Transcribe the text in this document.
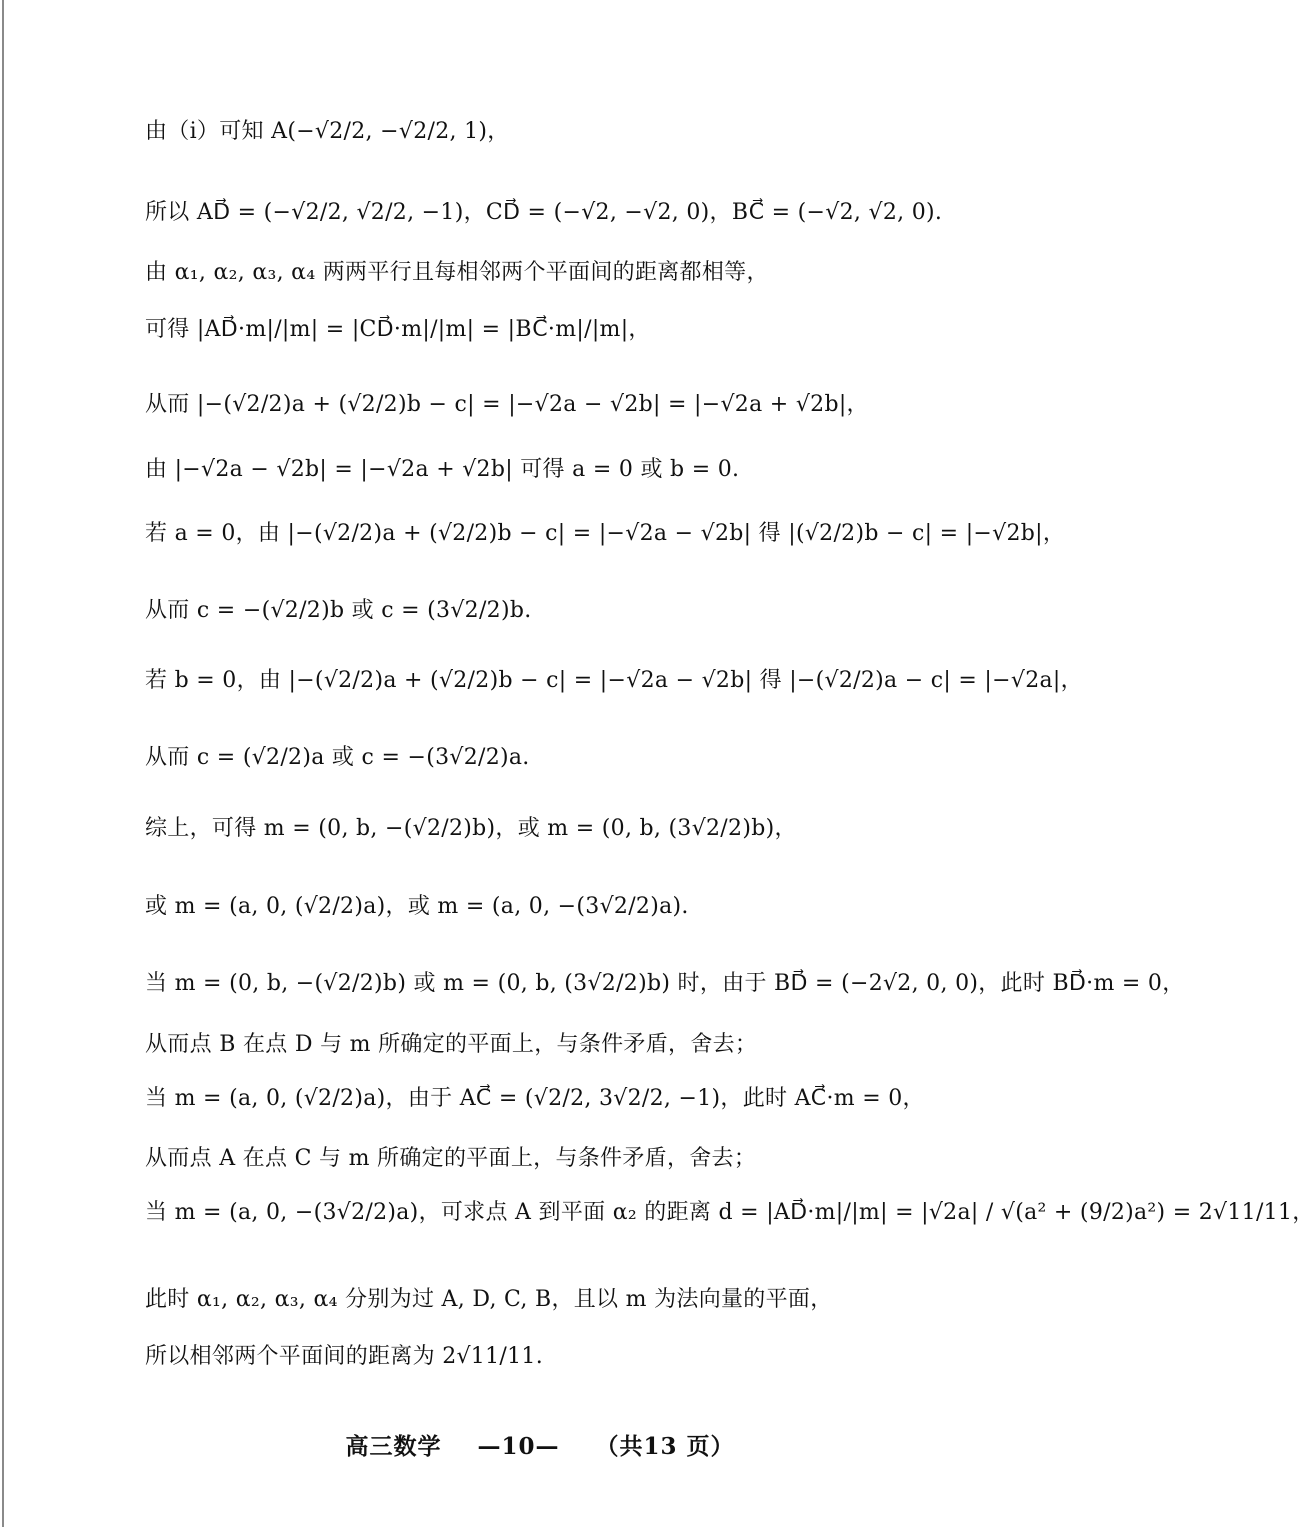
由（i）可知 A(−√2/2, −√2/2, 1)，
所以 AD⃗ = (−√2/2, √2/2, −1)，CD⃗ = (−√2, −√2, 0)，BC⃗ = (−√2, √2, 0).
由 α₁, α₂, α₃, α₄ 两两平行且每相邻两个平面间的距离都相等，
可得 |AD⃗·m|/|m| = |CD⃗·m|/|m| = |BC⃗·m|/|m|，
从而 |−(√2/2)a + (√2/2)b − c| = |−√2a − √2b| = |−√2a + √2b|，
由 |−√2a − √2b| = |−√2a + √2b| 可得 a = 0 或 b = 0.
若 a = 0，由 |−(√2/2)a + (√2/2)b − c| = |−√2a − √2b| 得 |(√2/2)b − c| = |−√2b|，
从而 c = −(√2/2)b 或 c = (3√2/2)b.
若 b = 0，由 |−(√2/2)a + (√2/2)b − c| = |−√2a − √2b| 得 |−(√2/2)a − c| = |−√2a|，
从而 c = (√2/2)a 或 c = −(3√2/2)a.
综上，可得 m = (0, b, −(√2/2)b)，或 m = (0, b, (3√2/2)b)，
或 m = (a, 0, (√2/2)a)，或 m = (a, 0, −(3√2/2)a).
当 m = (0, b, −(√2/2)b) 或 m = (0, b, (3√2/2)b) 时，由于 BD⃗ = (−2√2, 0, 0)，此时 BD⃗·m = 0，
从而点 B 在点 D 与 m 所确定的平面上，与条件矛盾，舍去；
当 m = (a, 0, (√2/2)a)，由于 AC⃗ = (√2/2, 3√2/2, −1)，此时 AC⃗·m = 0，
从而点 A 在点 C 与 m 所确定的平面上，与条件矛盾，舍去；
当 m = (a, 0, −(3√2/2)a)，可求点 A 到平面 α₂ 的距离 d = |AD⃗·m|/|m| = |√2a| / √(a² + (9/2)a²) = 2√11/11，
此时 α₁, α₂, α₃, α₄ 分别为过 A, D, C, B，且以 m 为法向量的平面，
所以相邻两个平面间的距离为 2√11/11.
高三数学    —10—    （共13 页）
